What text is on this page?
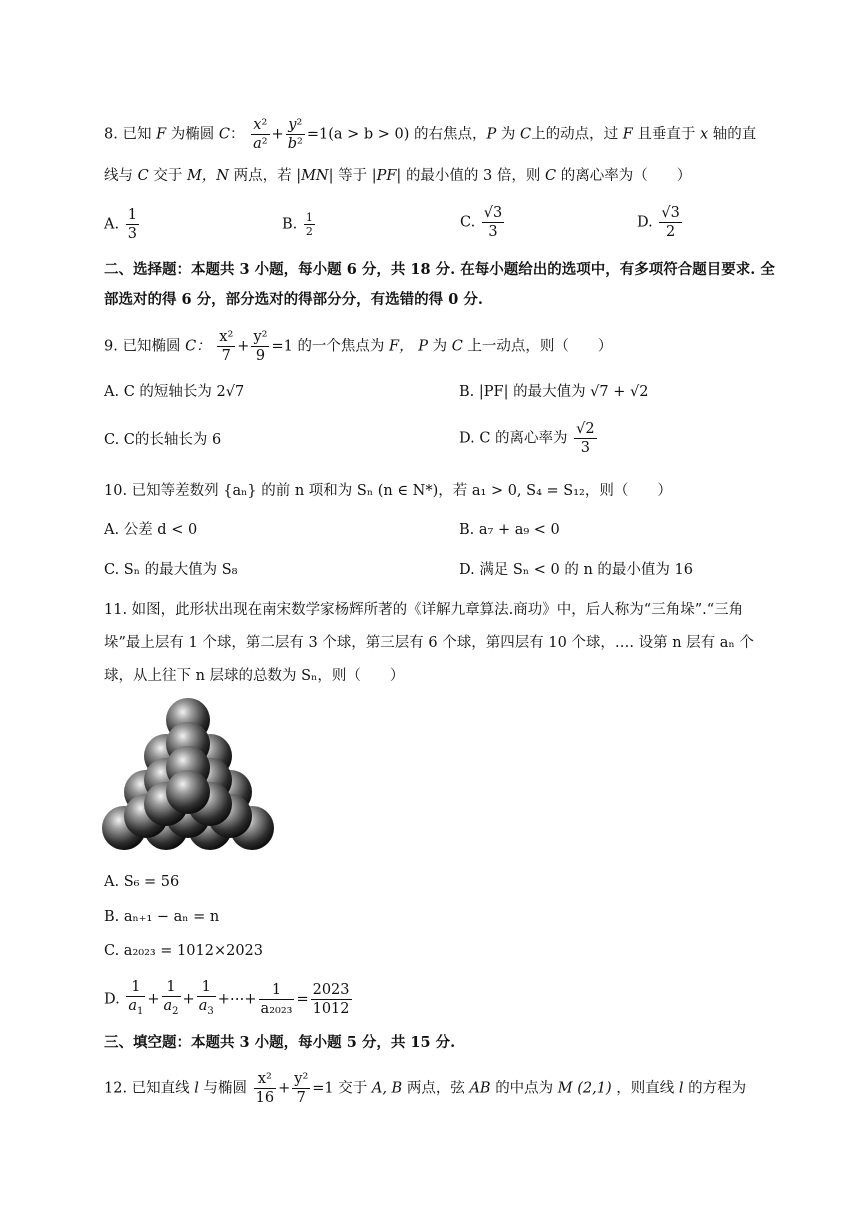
8. 已知 F 为椭圆 C： $\frac{\text{x²}}{\text{a²}} + \frac{\text{y²}}{\text{b²}} =1(a > b > 0)$ 的右焦点，P 为 C上的动点，过 F 且垂直于 x 轴的直
线与 C 交于 M，N 两点，若 |MN| 等于 |PF| 的最小值的 3 倍，则 C 的离心率为（　　）
A. $\frac{1}{3}$	B. $\frac{1}{2}$	C. $\frac{√3}{3}$	D. $\frac{√3}{2}$
二、选择题：本题共 3 小题，每小题 6 分，共 18 分. 在每小题给出的选项中，有多项符合题目要求. 全
部选对的得 6 分，部分选对的得部分分，有选错的得 0 分.
9. 已知椭圆 C： $\frac{\text{x²}}{7} + \frac{\text{y²}}{9} =1$ 的一个焦点为 F， P 为 C 上一动点，则（　　）
A. C 的短轴长为 2√7	B. |PF| 的最大值为 √7 + √2
C. C的长轴长为 6	D. C 的离心率为 $\frac{√2}{3}$
10. 已知等差数列 {aₙ} 的前 n 项和为 Sₙ (n ∈ N*)，若 a₁ > 0, S₄ = S₁₂，则（　　）
A. 公差 d < 0	B. a₇ + a₉ < 0
C. Sₙ 的最大值为 S₈	D. 满足 Sₙ < 0 的 n 的最小值为 16
11. 如图，此形状出现在南宋数学家杨辉所著的《详解九章算法.商功》中，后人称为“三角垛”.“三角
垛”最上层有 1 个球，第二层有 3 个球，第三层有 6 个球，第四层有 10 个球，…. 设第 n 层有 aₙ 个
球，从上往下 n 层球的总数为 Sₙ，则（　　）
A. S₆ = 56
B. aₙ₊₁ − aₙ = n
C. a₂₀₂₃ = 1012×2023
D. $\frac{1}{a_1} + \frac{1}{a_2} + \frac{1}{a_3}$ +⋯+ $\frac{1}{\text{a₂₀₂₃}} = \frac{2023}{1012}$
三、填空题：本题共 3 小题，每小题 5 分，共 15 分.
12. 已知直线 l 与椭圆 $\frac{\text{x²}}{16} + \frac{\text{y²}}{7} =1$ 交于 A, B 两点，弦 AB 的中点为 M (2,1) ，则直线 l 的方程为
